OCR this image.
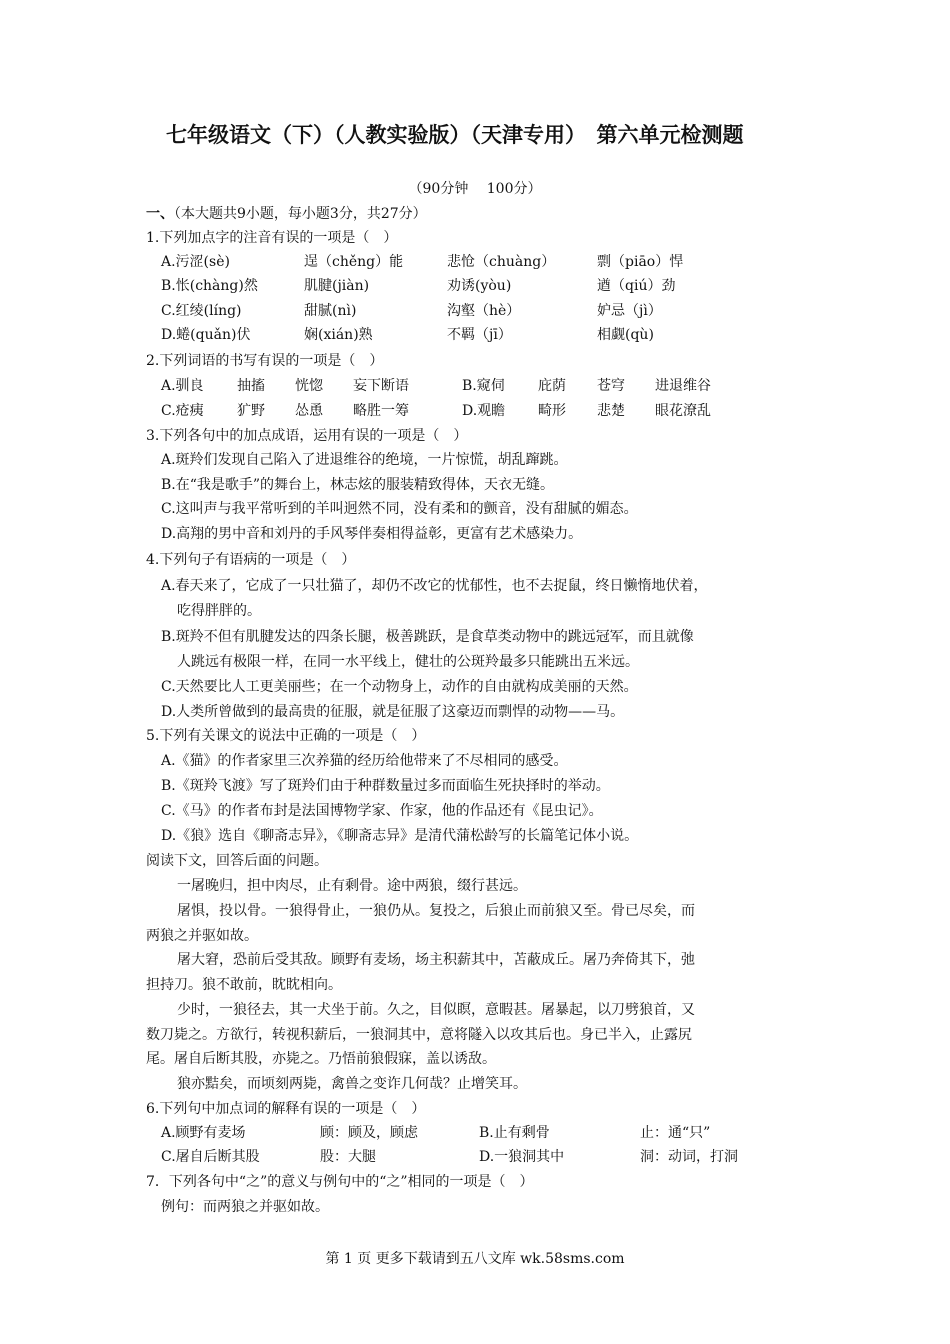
七年级语文（下）（人教实验版）（天津专用）　第六单元检测题
（90分钟　 100分）
一、（本大题共9小题，每小题3分，共27分）
1.下列加点字的注音有误的一项是（　）
A.污涩(sè)	逞（chěng）能	悲怆（chuàng）	剽（piāo）悍
B.怅(chàng)然	肌腱(jiàn)	劝诱(yòu)	遒（qiú）劲
C.红绫(líng)	甜腻(nì)	沟壑（hè）	妒忌（jì）
D.蜷(quǎn)伏	娴(xián)熟	不羁（jī）	相觑(qù)
2.下列词语的书写有误的一项是（　）
A.驯良 抽搐 恍惚 妄下断语	B.窥伺 庇荫 苍穹 进退维谷
C.疮痍 犷野 怂恿 略胜一筹	D.观瞻 畸形 悲楚 眼花潦乱
3.下列各句中的加点成语，运用有误的一项是（　）
A.斑羚们发现自己陷入了进退维谷的绝境，一片惊慌，胡乱蹿跳。
B.在“我是歌手”的舞台上，林志炫的服装精致得体，天衣无缝。
C.这叫声与我平常听到的羊叫迥然不同，没有柔和的颤音，没有甜腻的媚态。
D.高翔的男中音和刘丹的手风琴伴奏相得益彰，更富有艺术感染力。
4.下列句子有语病的一项是（　）
A.春天来了，它成了一只壮猫了，却仍不改它的忧郁性，也不去捉鼠，终日懒惰地伏着，
吃得胖胖的。
B.斑羚不但有肌腱发达的四条长腿，极善跳跃，是食草类动物中的跳远冠军，而且就像
人跳远有极限一样，在同一水平线上，健壮的公斑羚最多只能跳出五米远。
C.天然要比人工更美丽些；在一个动物身上，动作的自由就构成美丽的天然。
D.人类所曾做到的最高贵的征服，就是征服了这豪迈而剽悍的动物——马。
5.下列有关课文的说法中正确的一项是（　）
A.《猫》的作者家里三次养猫的经历给他带来了不尽相同的感受。
B.《斑羚飞渡》写了斑羚们由于种群数量过多而面临生死抉择时的举动。
C.《马》的作者布封是法国博物学家、作家，他的作品还有《昆虫记》。
D.《狼》选自《聊斋志异》，《聊斋志异》是清代蒲松龄写的长篇笔记体小说。
阅读下文，回答后面的问题。
一屠晚归，担中肉尽，止有剩骨。途中两狼，缀行甚远。
屠惧，投以骨。一狼得骨止，一狼仍从。复投之，后狼止而前狼又至。骨已尽矣，而
两狼之并驱如故。
屠大窘，恐前后受其敌。顾野有麦场，场主积薪其中，苫蔽成丘。屠乃奔倚其下，弛
担持刀。狼不敢前，眈眈相向。
少时，一狼径去，其一犬坐于前。久之，目似瞑，意暇甚。屠暴起，以刀劈狼首，又
数刀毙之。方欲行，转视积薪后，一狼洞其中，意将隧入以攻其后也。身已半入，止露尻
尾。屠自后断其股，亦毙之。乃悟前狼假寐，盖以诱敌。
狼亦黠矣，而顷刻两毙，禽兽之变诈几何哉？止增笑耳。
6.下列句中加点词的解释有误的一项是（　）
A.顾野有麦场	顾：顾及，顾虑	B.止有剩骨	止：通“只”
C.屠自后断其股	股：大腿	D.一狼洞其中	洞：动词，打洞
7．下列各句中“之”的意义与例句中的“之”相同的一项是（　）
例句：而两狼之并驱如故。
第 1 页 更多下载请到五八文库 wk.58sms.com
